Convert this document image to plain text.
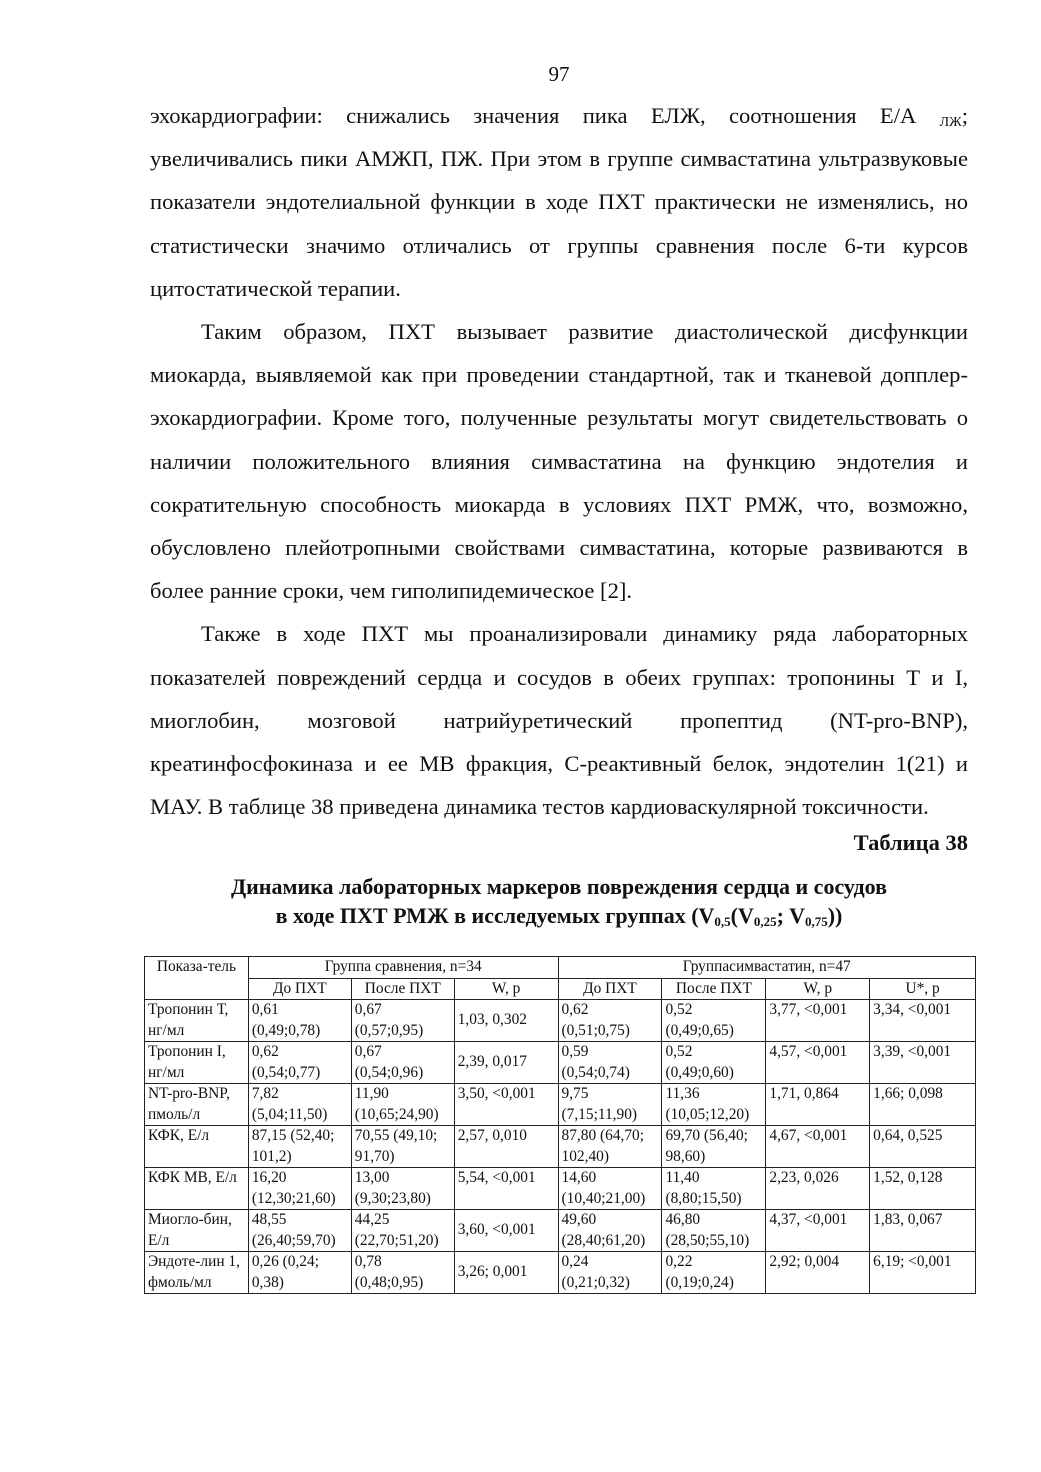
97

эхокардиографии: снижались значения пика ЕЛЖ, соотношения Е/А $_{ЛЖ}$; увеличивались пики АМЖП, ПЖ. При этом в группе симвастатина ультразвуковые показатели эндотелиальной функции в ходе ПХТ практически не изменялись, но статистически значимо отличались от группы сравнения после 6-ти курсов цитостатической терапии.

Таким образом, ПХТ вызывает развитие диастолической дисфункции миокарда, выявляемой как при проведении стандартной, так и тканевой допплер-эхокардиографии. Кроме того, полученные результаты могут свидетельствовать о наличии положительного влияния симвастатина на функцию эндотелия и сократительную способность миокарда в условиях ПХТ РМЖ, что, возможно, обусловлено плейотропными свойствами симвастатина, которые развиваются в более ранние сроки, чем гиполипидемическое [2].

Также в ходе ПХТ мы проанализировали динамику ряда лабораторных показателей повреждений сердца и сосудов в обеих группах: тропонины Т и I, миоглобин, мозговой натрийуретический пропептид (NT-pro-BNP), креатинфосфокиназа и ее МВ фракция, С-реактивный белок, эндотелин 1(21) и МАУ. В таблице 38 приведена динамика тестов кардиоваскулярной токсичности.

Таблица 38
Динамика лабораторных маркеров повреждения сердца и сосудов
в ходе ПХТ РМЖ в исследуемых группах ($V_{0,5}(V_{0,25}$; $V_{0,75}$))
Показа-тель	Группа сравнения, n=34			Группасимвастатин, n=47			
	До ПХТ	После ПХТ	W, p	До ПХТ	После ПХТ	W, p	U*, p
Тропонин Т, нг/мл	0,61 (0,49;0,78)	0,67 (0,57;0,95)	1,03, 0,302	0,62 (0,51;0,75)	0,52 (0,49;0,65)	3,77, <0,001	3,34, <0,001
Тропонин I, нг/мл	0,62 (0,54;0,77)	0,67 (0,54;0,96)	2,39, 0,017	0,59 (0,54;0,74)	0,52 (0,49;0,60)	4,57, <0,001	3,39, <0,001
NT-pro-BNP, пмоль/л	7,82 (5,04;11,50)	11,90 (10,65;24,90)	3,50, <0,001	9,75 (7,15;11,90)	11,36 (10,05;12,20)	1,71, 0,864	1,66; 0,098
КФК, Е/л	87,15 (52,40; 101,2)	70,55 (49,10; 91,70)	2,57, 0,010	87,80 (64,70; 102,40)	69,70 (56,40; 98,60)	4,67, <0,001	0,64, 0,525
КФК МВ, Е/л	16,20 (12,30;21,60)	13,00 (9,30;23,80)	5,54, <0,001	14,60 (10,40;21,00)	11,40 (8,80;15,50)	2,23, 0,026	1,52, 0,128
Миогло-бин, Е/л	48,55 (26,40;59,70)	44,25 (22,70;51,20)	3,60, <0,001	49,60 (28,40;61,20)	46,80 (28,50;55,10)	4,37, <0,001	1,83, 0,067
Эндоте-лин 1, фмоль/мл	0,26 (0,24; 0,38)	0,78 (0,48;0,95)	3,26; 0,001	0,24 (0,21;0,32)	0,22 (0,19;0,24)	2,92; 0,004	6,19; <0,001
